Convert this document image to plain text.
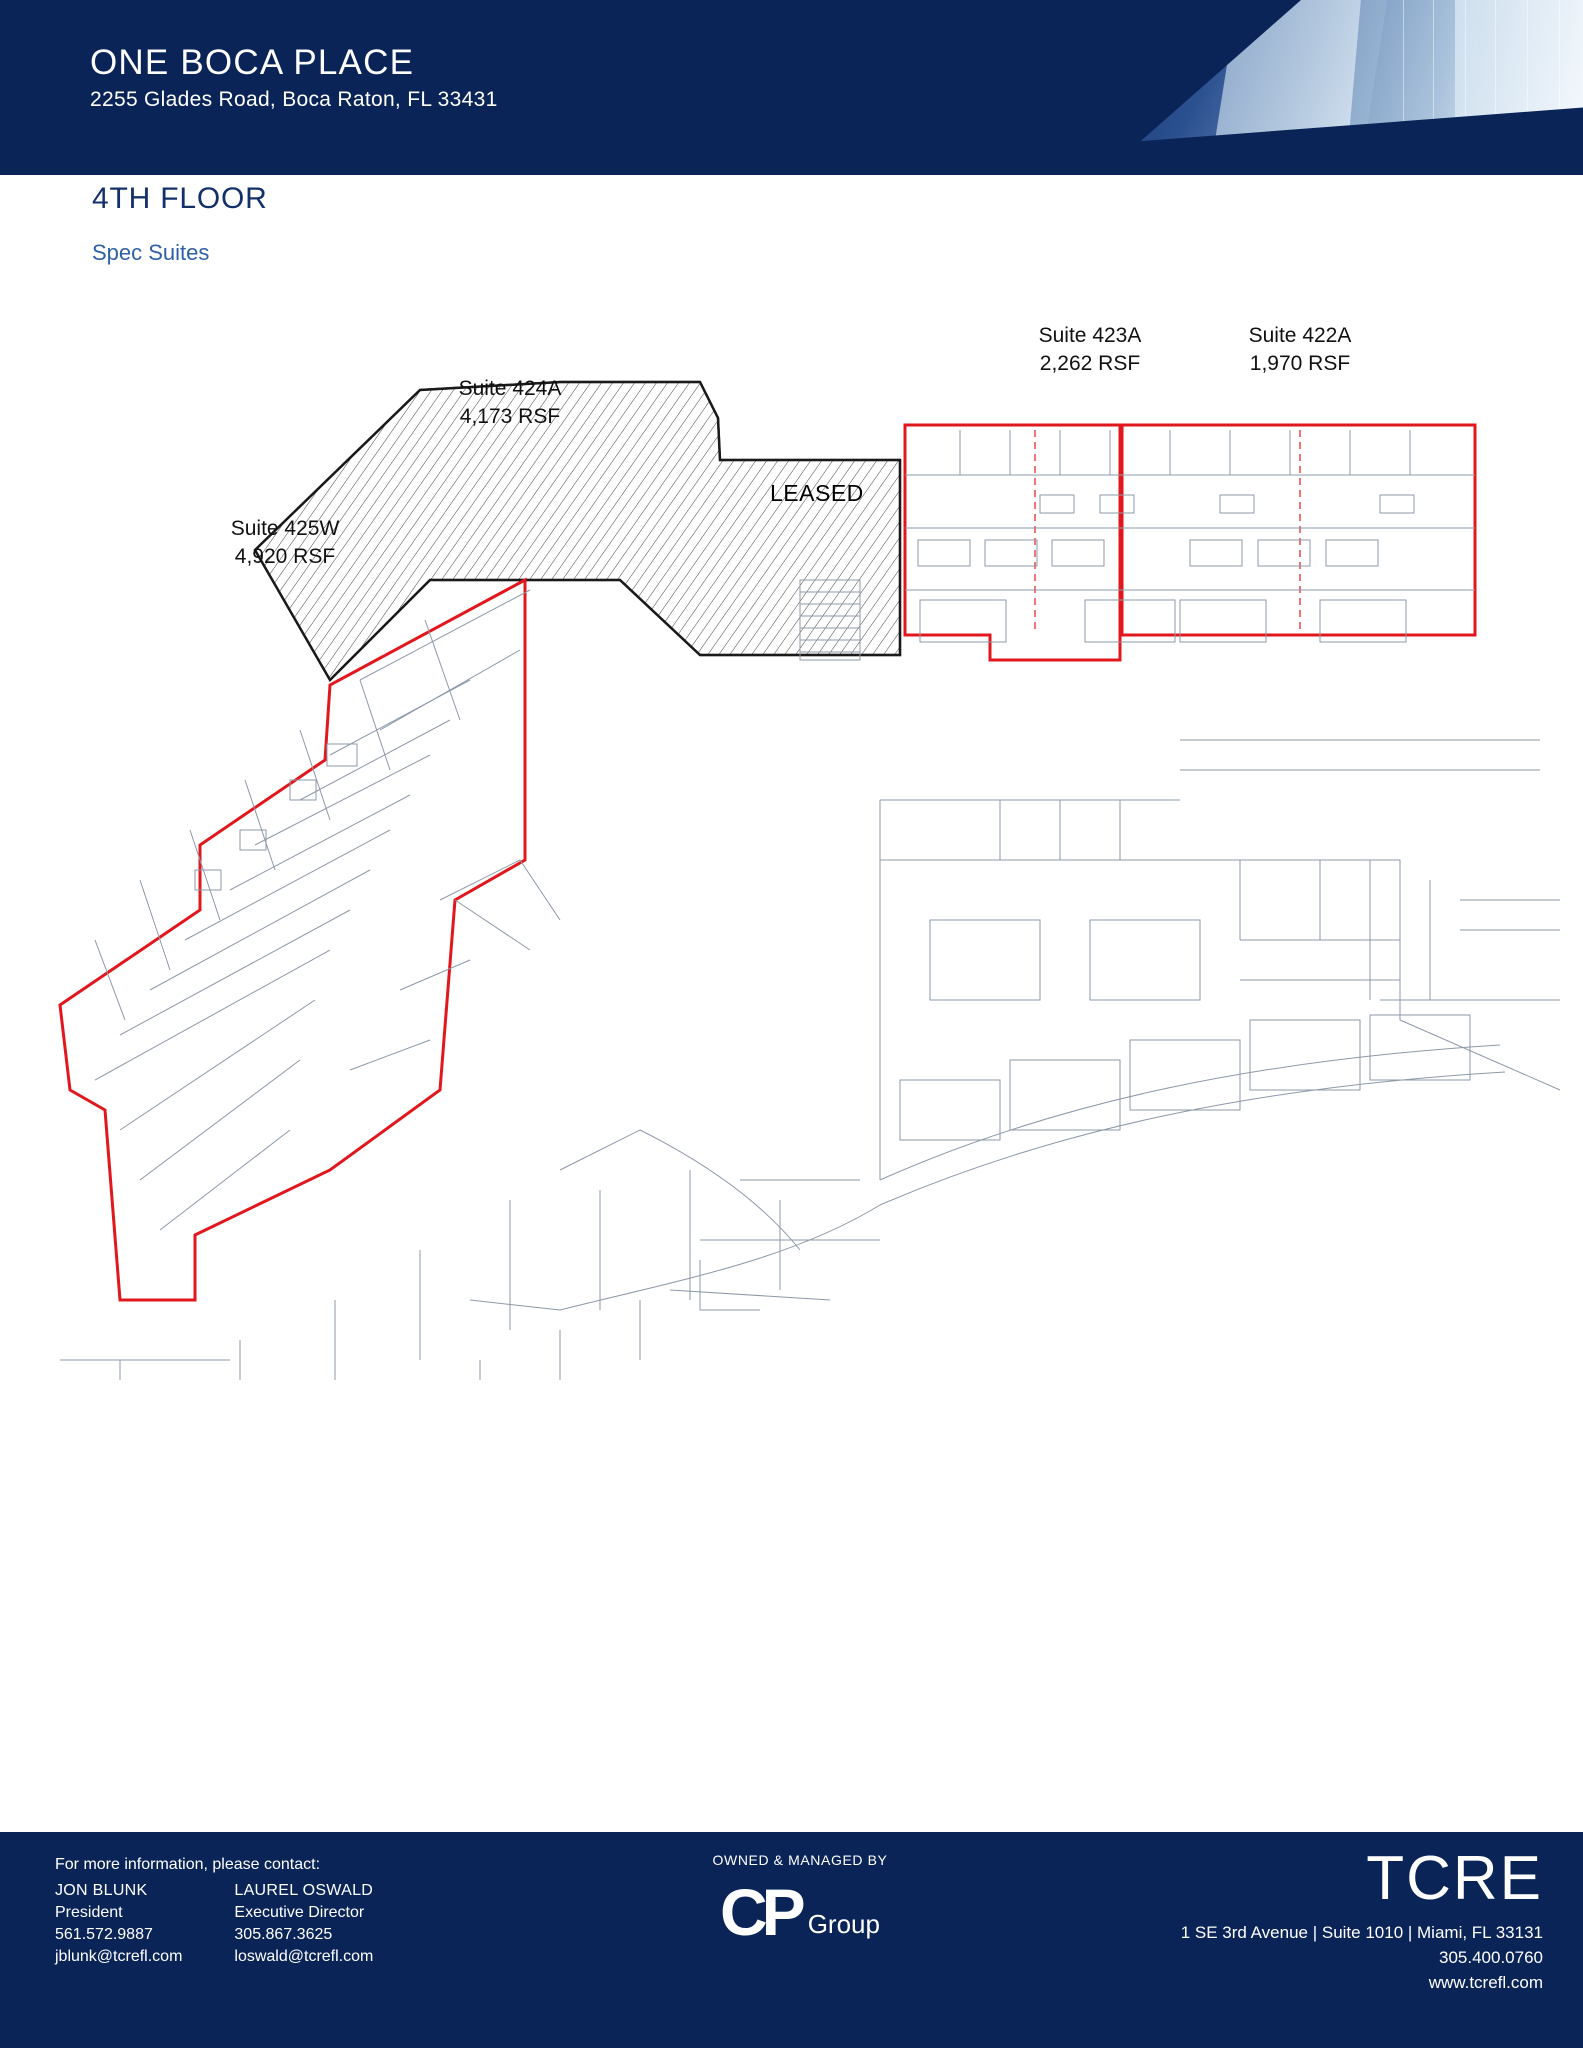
ONE BOCA PLACE
2255 Glades Road, Boca Raton, FL 33431
4TH FLOOR
Spec Suites
Suite 424A
4,173 RSF
Suite 423A
2,262 RSF
Suite 422A
1,970 RSF
Suite 425W
4,920 RSF
LEASED
For more information, please contact:
JON BLUNK
President
561.572.9887
jblunk@tcrefl.com
LAUREL OSWALD
Executive Director
305.867.3625
loswald@tcrefl.com
OWNED & MANAGED BY
CP Group
TCRE
1 SE 3rd Avenue | Suite 1010 | Miami, FL 33131
305.400.0760
www.tcrefl.com
